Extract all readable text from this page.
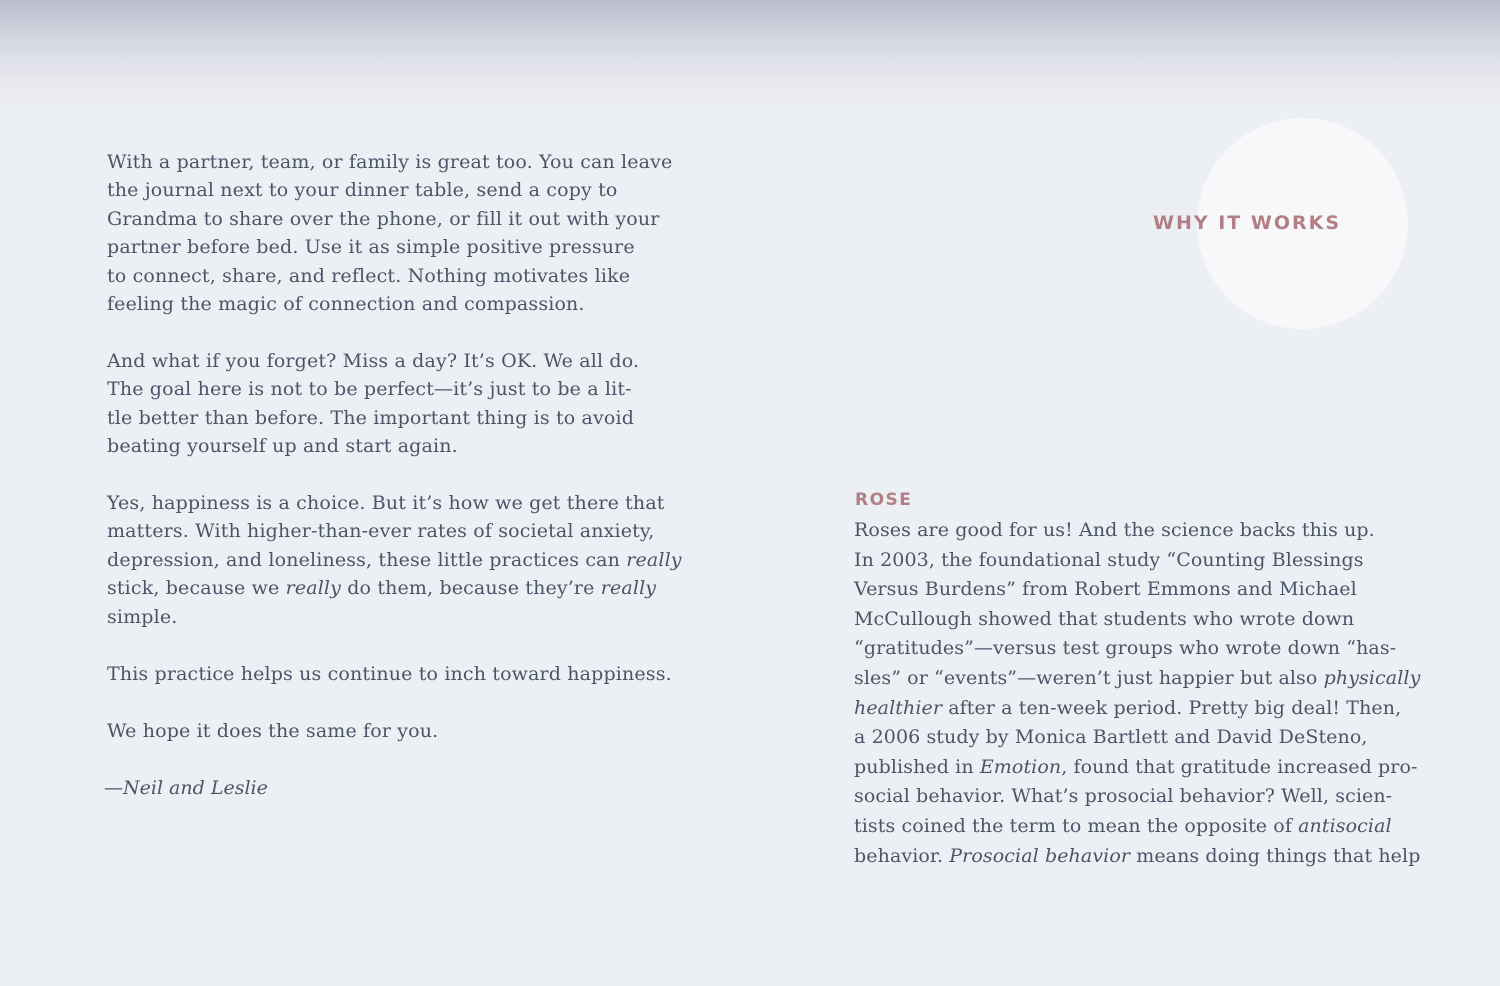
With a partner, team, or family is great too. You can leave
the journal next to your dinner table, send a copy to
Grandma to share over the phone, or fill it out with your
partner before bed. Use it as simple positive pressure
to connect, share, and reflect. Nothing motivates like
feeling the magic of connection and compassion.

And what if you forget? Miss a day? It’s OK. We all do.
The goal here is not to be perfect—it’s just to be a lit-
tle better than before. The important thing is to avoid
beating yourself up and start again.

Yes, happiness is a choice. But it’s how we get there that
matters. With higher-than-ever rates of societal anxiety,
depression, and loneliness, these little practices can really
stick, because we really do them, because they’re really
simple.

This practice helps us continue to inch toward happiness.

We hope it does the same for you.

—Neil and Leslie

WHY IT WORKS
ROSE

Roses are good for us! And the science backs this up.
In 2003, the foundational study “Counting Blessings
Versus Burdens” from Robert Emmons and Michael
McCullough showed that students who wrote down
“gratitudes”—versus test groups who wrote down “has-
sles” or “events”—weren’t just happier but also physically
healthier after a ten-week period. Pretty big deal! Then,
a 2006 study by Monica Bartlett and David DeSteno,
published in Emotion, found that gratitude increased pro-
social behavior. What’s prosocial behavior? Well, scien-
tists coined the term to mean the opposite of antisocial
behavior. Prosocial behavior means doing things that help
